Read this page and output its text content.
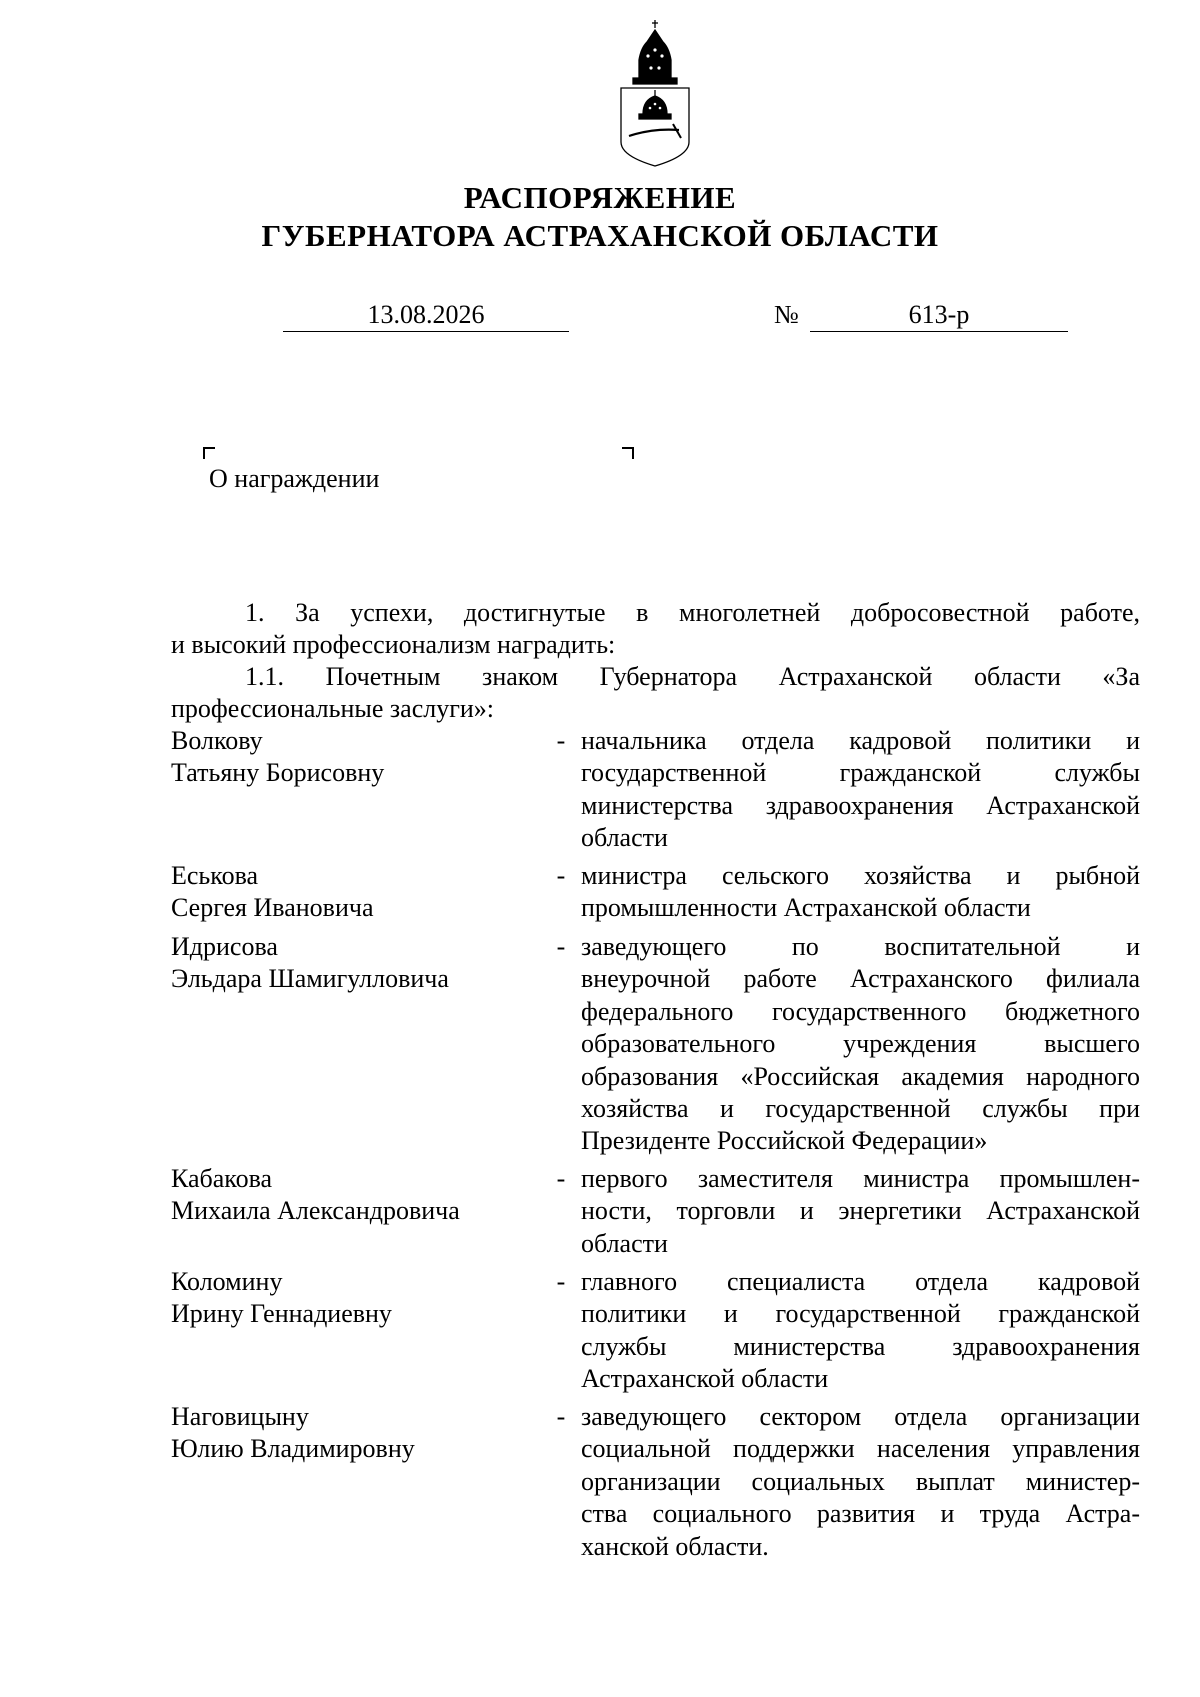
РАСПОРЯЖЕНИЕ
ГУБЕРНАТОРА АСТРАХАНСКОЙ ОБЛАСТИ
13.08.2026	№	613-р
О награждении
1. За успехи, достигнутые в многолетней добросовестной работе,
и высокий профессионализм наградить:
1.1. Почетным знаком Губернатора Астраханской области «За
профессиональные заслуги»:
Волкову
Татьяну Борисовну
- начальника отдела кадровой политики и
государственной гражданской службы
министерства здравоохранения Астраханской
области
Еськова
Сергея Ивановича
- министра сельского хозяйства и рыбной
промышленности Астраханской области
Идрисова
Эльдара Шамигулловича
- заведующего по воспитательной и
внеурочной работе Астраханского филиала
федерального государственного бюджетного
образовательного учреждения высшего
образования «Российская академия народного
хозяйства и государственной службы при
Президенте Российской Федерации»
Кабакова
Михаила Александровича
- первого заместителя министра промышлен-
ности, торговли и энергетики Астраханской
области
Коломину
Ирину Геннадиевну
- главного специалиста отдела кадровой
политики и государственной гражданской
службы министерства здравоохранения
Астраханской области
Наговицыну
Юлию Владимировну
- заведующего сектором отдела организации
социальной поддержки населения управления
организации социальных выплат министер-
ства социального развития и труда Астра-
ханской области.
